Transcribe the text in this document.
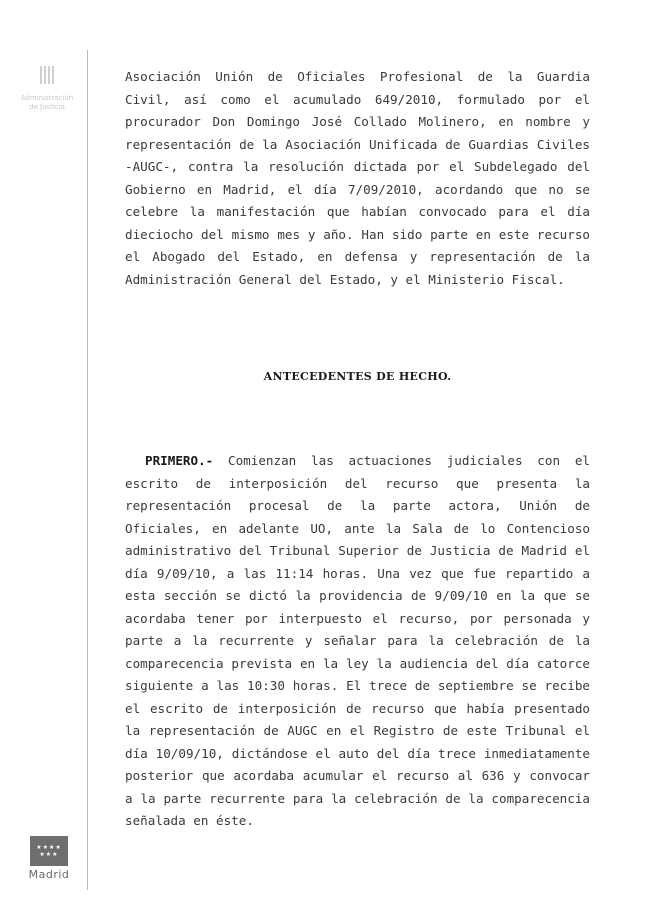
Administración
de Justicia
Asociación Unión de Oficiales Profesional de la Guardia Civil, así como el acumulado 649/2010, formulado por el procurador Don Domingo José Collado Molinero, en nombre y representación de la Asociación Unificada de Guardias Civiles -AUGC-, contra la resolución dictada por el Subdelegado del Gobierno en Madrid, el día 7/09/2010, acordando que no se celebre la manifestación que habían convocado para el día dieciocho del mismo mes y año. Han sido parte en este recurso el Abogado del Estado, en defensa y representación de la Administración General del Estado, y el Ministerio Fiscal.
ANTECEDENTES DE HECHO.
PRIMERO.- Comienzan las actuaciones judiciales con el escrito de interposición del recurso que presenta la representación procesal de la parte actora, Unión de Oficiales, en adelante UO, ante la Sala de lo Contencioso administrativo del Tribunal Superior de Justicia de Madrid el día 9/09/10, a las 11:14 horas. Una vez que fue repartido a esta sección se dictó la providencia de 9/09/10 en la que se acordaba tener por interpuesto el recurso, por personada y parte a la recurrente y señalar para la celebración de la comparecencia prevista en la ley la audiencia del día catorce siguiente a las 10:30 horas. El trece de septiembre se recibe el escrito de interposición de recurso que había presentado la representación de AUGC en el Registro de este Tribunal el día 10/09/10, dictándose el auto del día trece inmediatamente posterior que acordaba acumular el recurso al 636 y convocar a la parte recurrente para la celebración de la comparecencia señalada en éste.
★★★★
★★★
Madrid
